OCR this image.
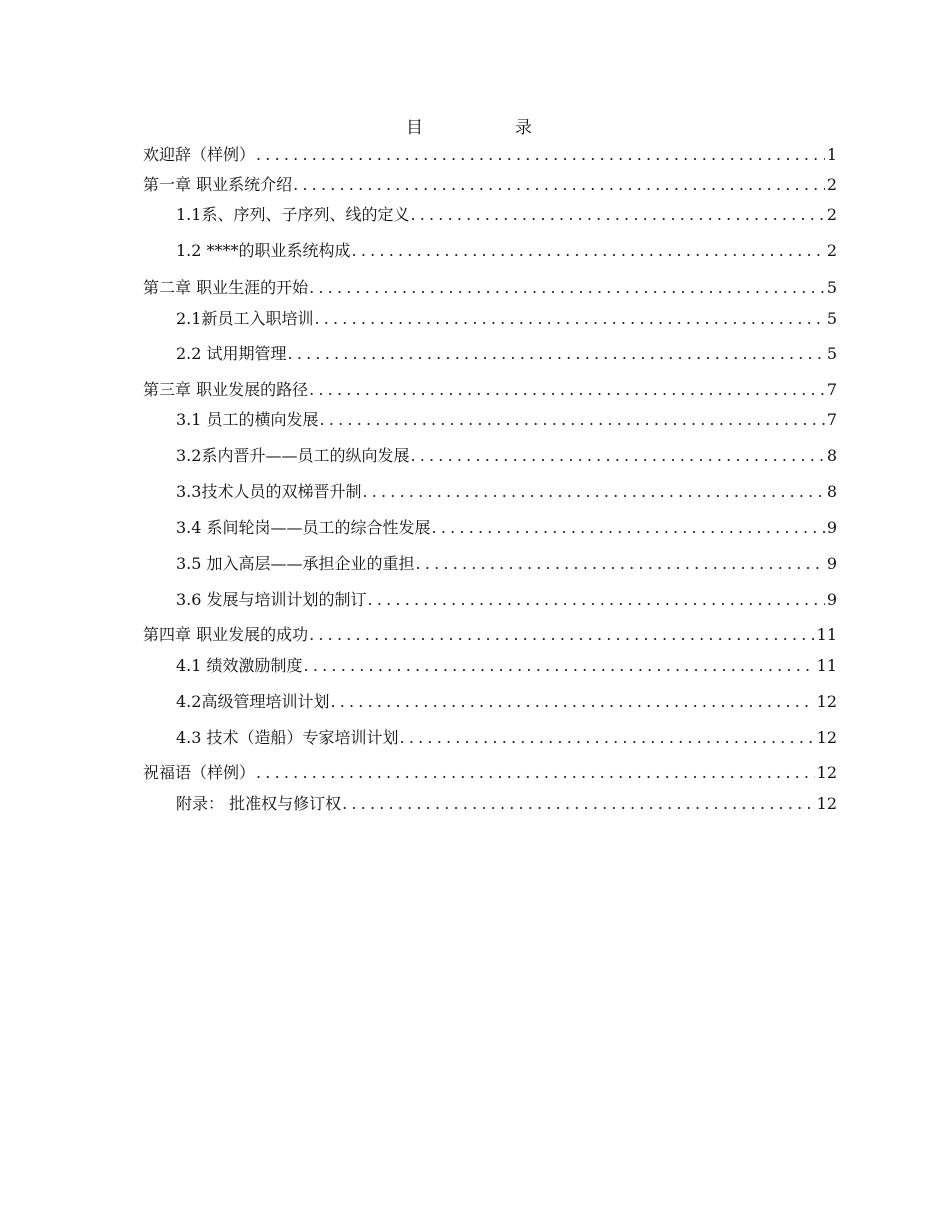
目	录
欢迎辞（样例） .....	1
第一章 职业系统介绍 .....	2
1.1系、序列、子序列、线的定义 .....	2
1.2 ****的职业系统构成 .....	2
第二章 职业生涯的开始 .....	5
2.1新员工入职培训 .....	5
2.2 试用期管理 .....	5
第三章 职业发展的路径 .....	7
3.1 员工的横向发展 .....	7
3.2系内晋升——员工的纵向发展 .....	8
3.3技术人员的双梯晋升制 .....	8
3.4 系间轮岗——员工的综合性发展 .....	9
3.5 加入高层——承担企业的重担 .....	9
3.6 发展与培训计划的制订 .....	9
第四章 职业发展的成功 .....	11
4.1 绩效激励制度 .....	11
4.2高级管理培训计划 .....	12
4.3 技术（造船）专家培训计划 .....	12
祝福语（样例） .....	12
附录： 批准权与修订权 .....	12
